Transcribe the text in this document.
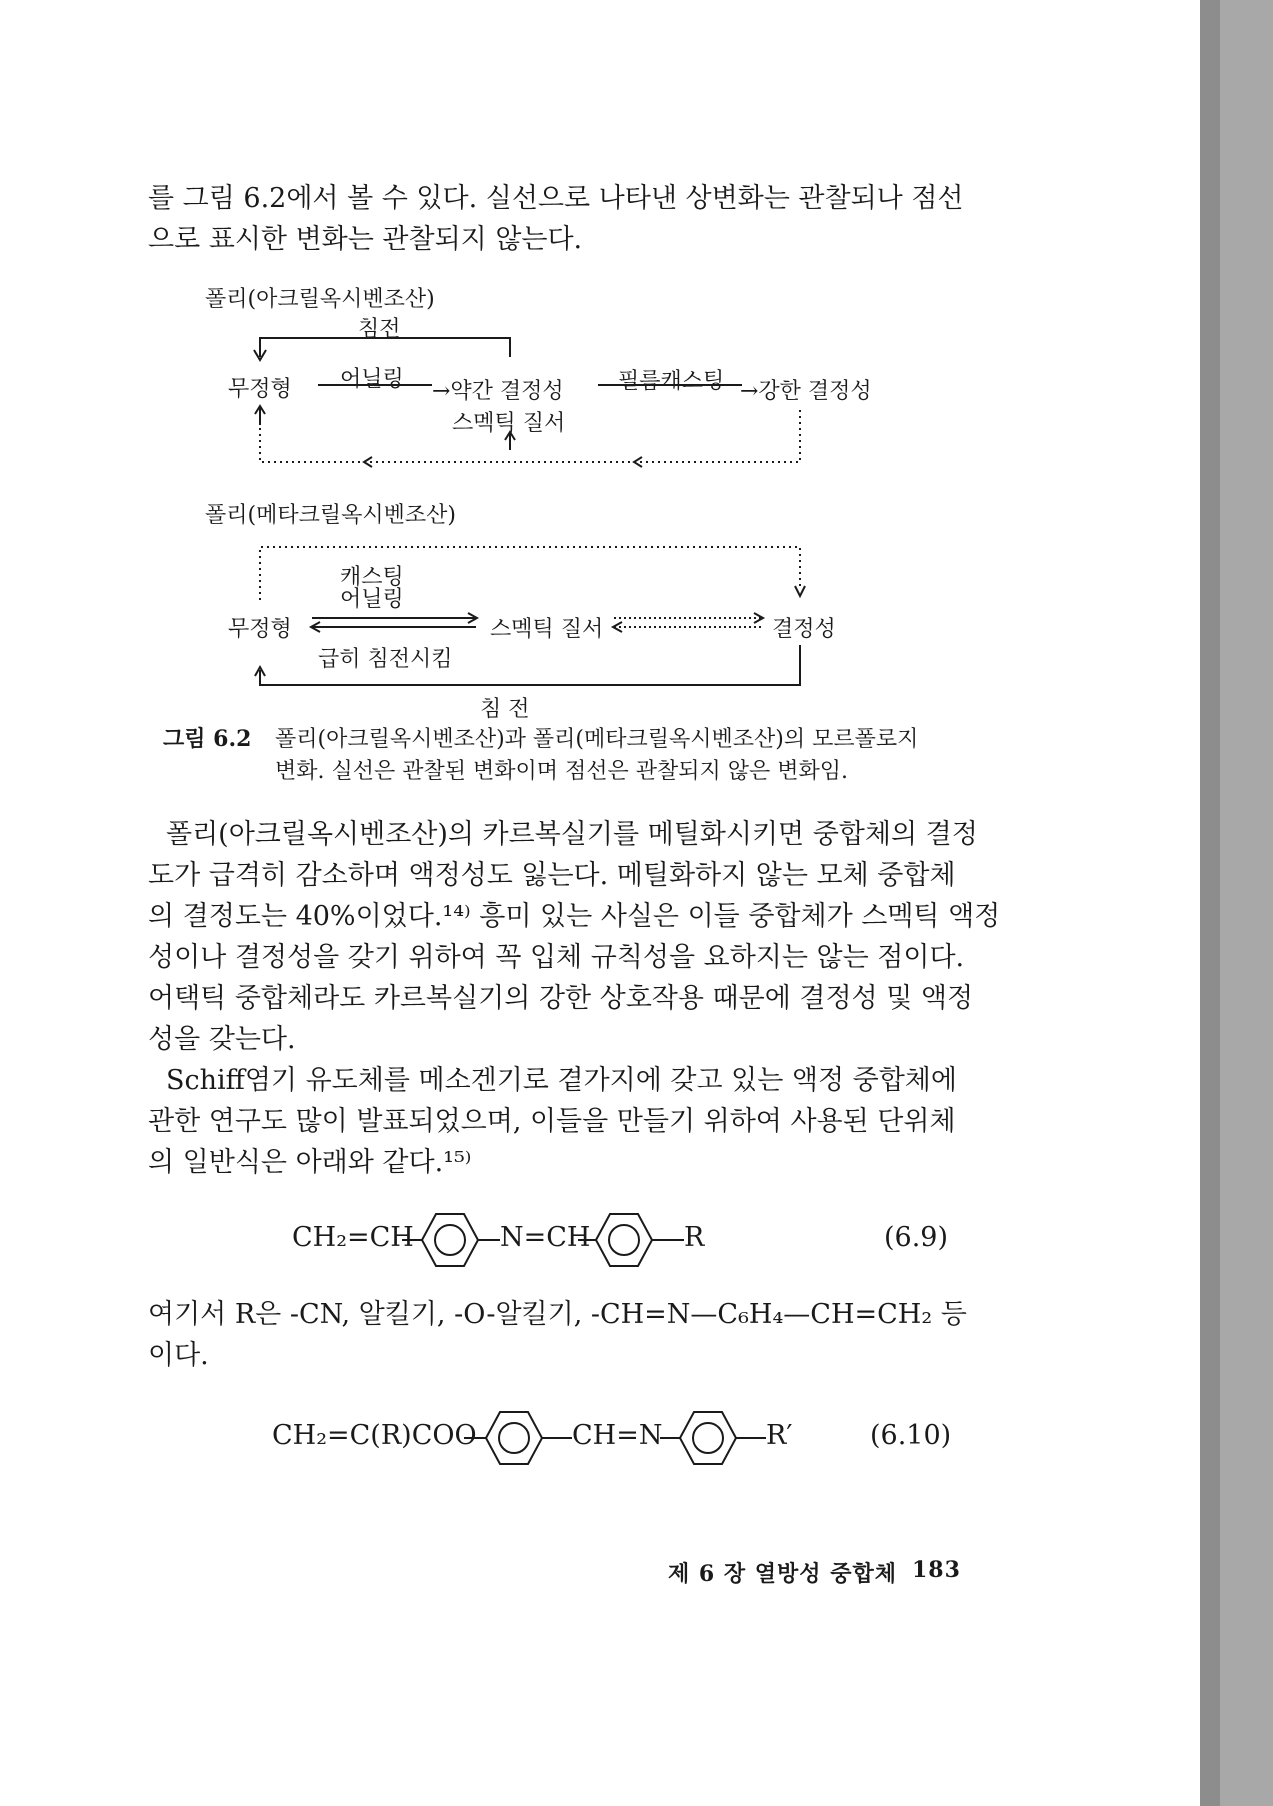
를 그림 6.2에서 볼 수 있다. 실선으로 나타낸 상변화는 관찰되나 점선
으로 표시한 변화는 관찰되지 않는다.
폴리(아크릴옥시벤조산)
침전
무정형 어닐링 →약간 결정성 필름캐스팅 →강한 결정성
스멕틱 질서
폴리(메타크릴옥시벤조산)
캐스팅
어닐링
무정형	스멕틱 질서	결정성
급히 침전시킴
침 전
그림 6.2 폴리(아크릴옥시벤조산)과 폴리(메타크릴옥시벤조산)의 모르폴로지
변화. 실선은 관찰된 변화이며 점선은 관찰되지 않은 변화임.
폴리(아크릴옥시벤조산)의 카르복실기를 메틸화시키면 중합체의 결정
도가 급격히 감소하며 액정성도 잃는다. 메틸화하지 않는 모체 중합체
의 결정도는 40%이었다.¹⁴⁾ 흥미 있는 사실은 이들 중합체가 스멕틱 액정
성이나 결정성을 갖기 위하여 꼭 입체 규칙성을 요하지는 않는 점이다.
어택틱 중합체라도 카르복실기의 강한 상호작용 때문에 결정성 및 액정
성을 갖는다.
Schiff염기 유도체를 메소겐기로 곁가지에 갖고 있는 액정 중합체에
관한 연구도 많이 발표되었으며, 이들을 만들기 위하여 사용된 단위체
의 일반식은 아래와 같다.¹⁵⁾
CH₂=CH	N=CH	R	(6.9)
여기서 R은 -CN, 알킬기, -O-알킬기, -CH=N—C₆H₄—CH=CH₂ 등
이다.
CH₂=C(R)COO	CH=N	R′	(6.10)
제 6 장 열방성 중합체 183
